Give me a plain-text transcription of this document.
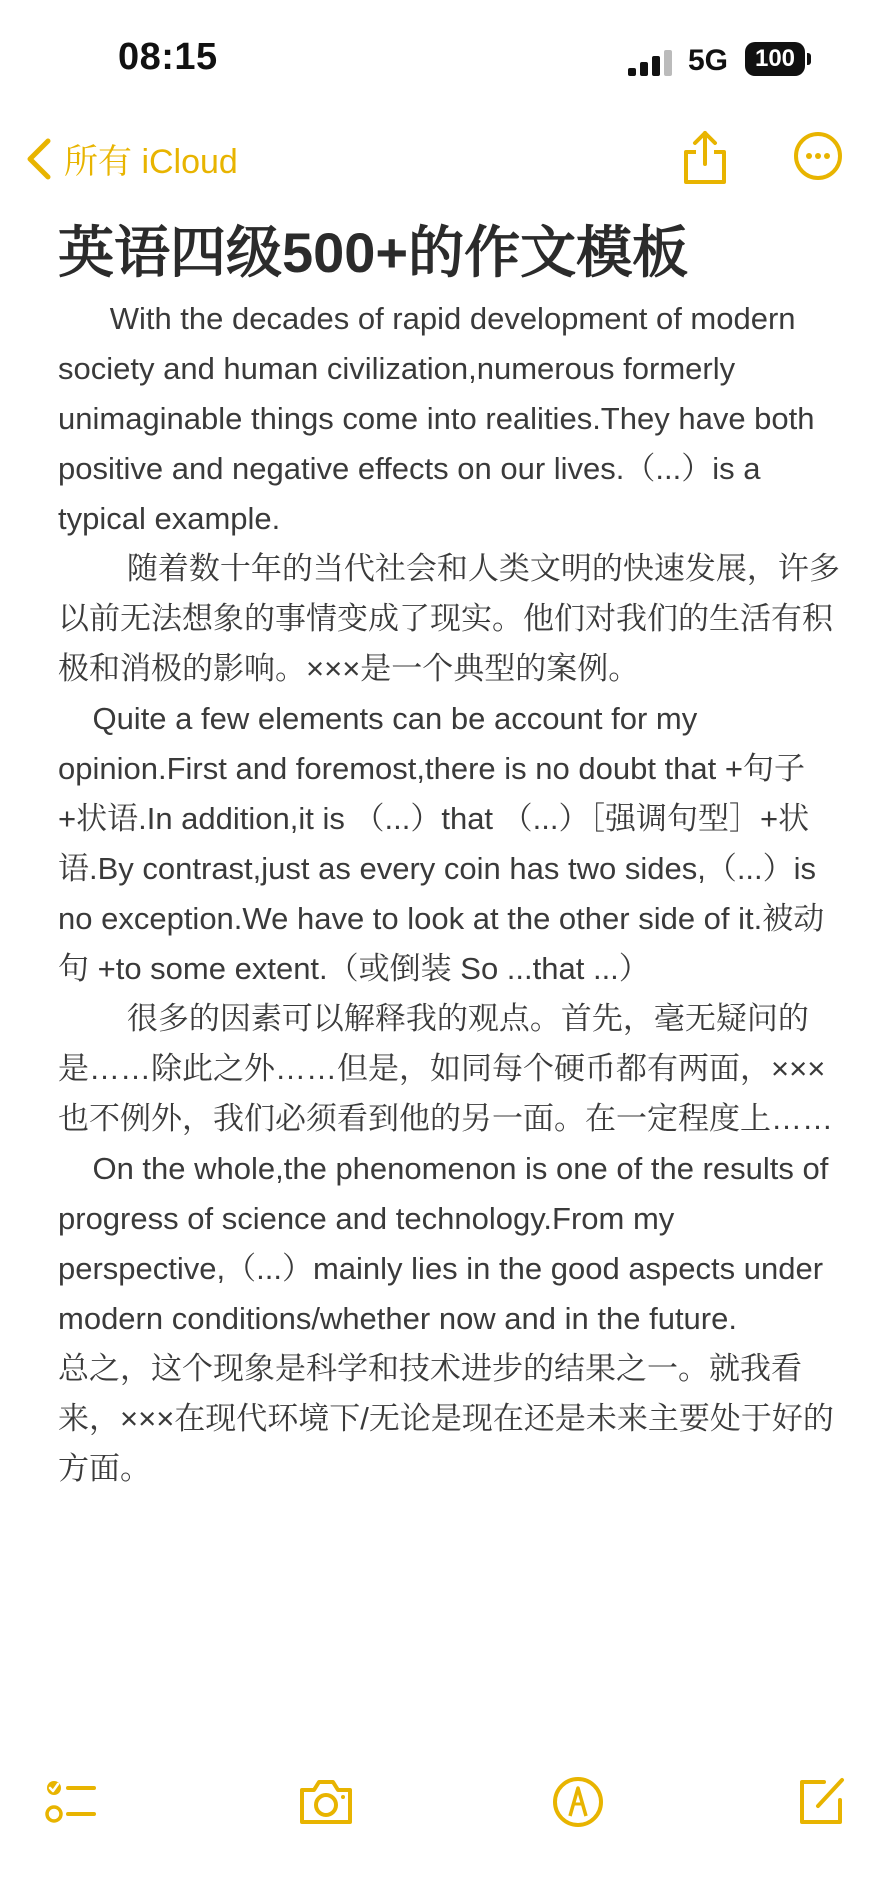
08:15	5G	100
所有 iCloud
英语四级500+的作文模板

With the decades of rapid development of modern society and human civilization,numerous formerly unimaginable things come into realities.They have both positive and negative effects on our lives.（...）is a typical example.

随着数十年的当代社会和人类文明的快速发展，许多以前无法想象的事情变成了现实。他们对我们的生活有积极和消极的影响。×××是一个典型的案例。

Quite a few elements can be account for my opinion.First and foremost,there is no doubt that +句子+状语.In addition,it is （...）that （...）［强调句型］+状语.By contrast,just as every coin has two sides,（...）is no exception.We have to look at the other side of it.被动句 +to some extent.（或倒装 So ...that ...）

很多的因素可以解释我的观点。首先，毫无疑问的是……除此之外……但是，如同每个硬币都有两面，×××也不例外，我们必须看到他的另一面。在一定程度上……

On the whole,the phenomenon is one of the results of progress of science and technology.From my perspective,（...）mainly lies in the good aspects under modern conditions/whether now and in the future.

总之，这个现象是科学和技术进步的结果之一。就我看来，×××在现代环境下/无论是现在还是未来主要处于好的方面。
